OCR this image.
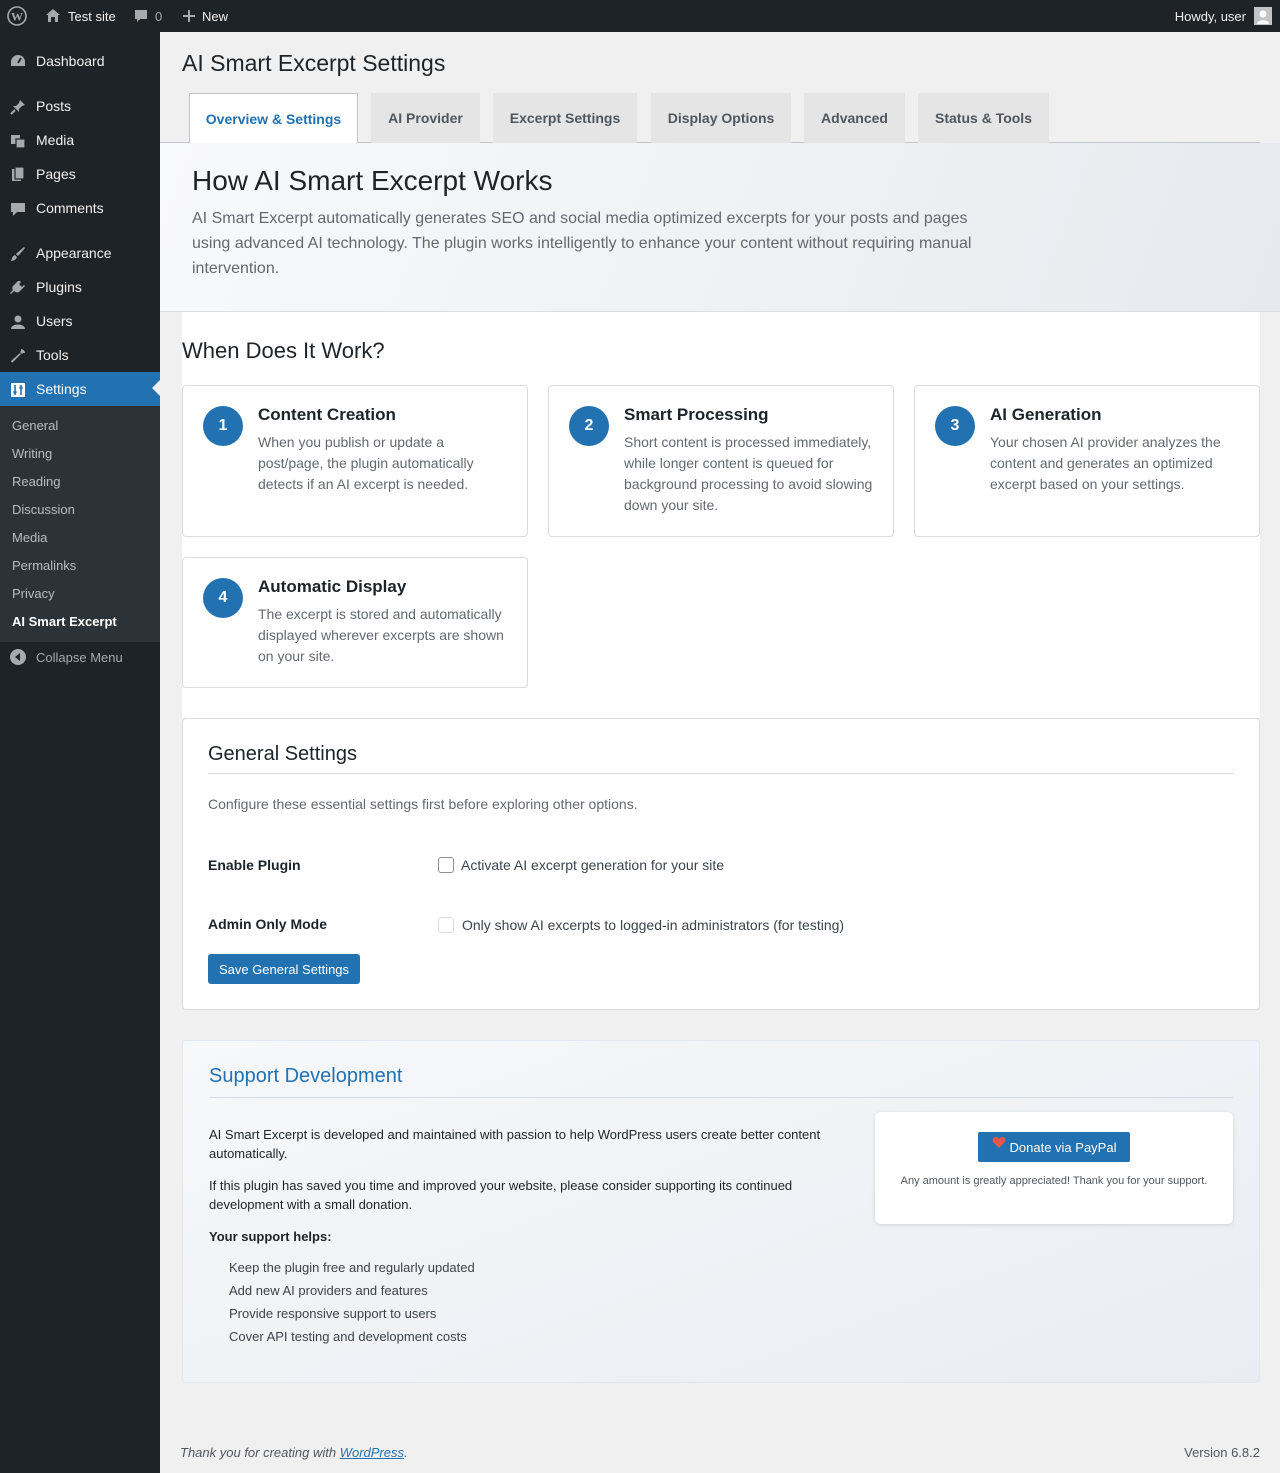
W	Test site	0	New	Howdy, user
Dashboard
Posts
Media
Pages
Comments
Appearance
Plugins
Users
Tools
Settings
General
Writing
Reading
Discussion
Media
Permalinks
Privacy
AI Smart Excerpt
Collapse Menu
AI Smart Excerpt Settings
Overview & Settings	AI Provider	Excerpt Settings	Display Options	Advanced	Status & Tools
How AI Smart Excerpt Works

AI Smart Excerpt automatically generates SEO and social media optimized excerpts for your posts and pages using advanced AI technology. The plugin works intelligently to enhance your content without requiring manual intervention.

When Does It Work?
1
Content Creation
When you publish or update a post/page, the plugin automatically detects if an AI excerpt is needed.
2
Smart Processing
Short content is processed immediately, while longer content is queued for background processing to avoid slowing down your site.
3
AI Generation
Your chosen AI provider analyzes the content and generates an optimized excerpt based on your settings.
4
Automatic Display
The excerpt is stored and automatically displayed wherever excerpts are shown on your site.
General Settings
Configure these essential settings first before exploring other options.
Enable Plugin	Activate AI excerpt generation for your site
Admin Only Mode	Only show AI excerpts to logged-in administrators (for testing)
Save General Settings
Support Development

AI Smart Excerpt is developed and maintained with passion to help WordPress users create better content automatically.

If this plugin has saved you time and improved your website, please consider supporting its continued development with a small donation.

Your support helps:

Keep the plugin free and regularly updated
Add new AI providers and features
Provide responsive support to users
Cover API testing and development costs
Donate via PayPal
Any amount is greatly appreciated! Thank you for your support.
Thank you for creating with WordPress.	Version 6.8.2
